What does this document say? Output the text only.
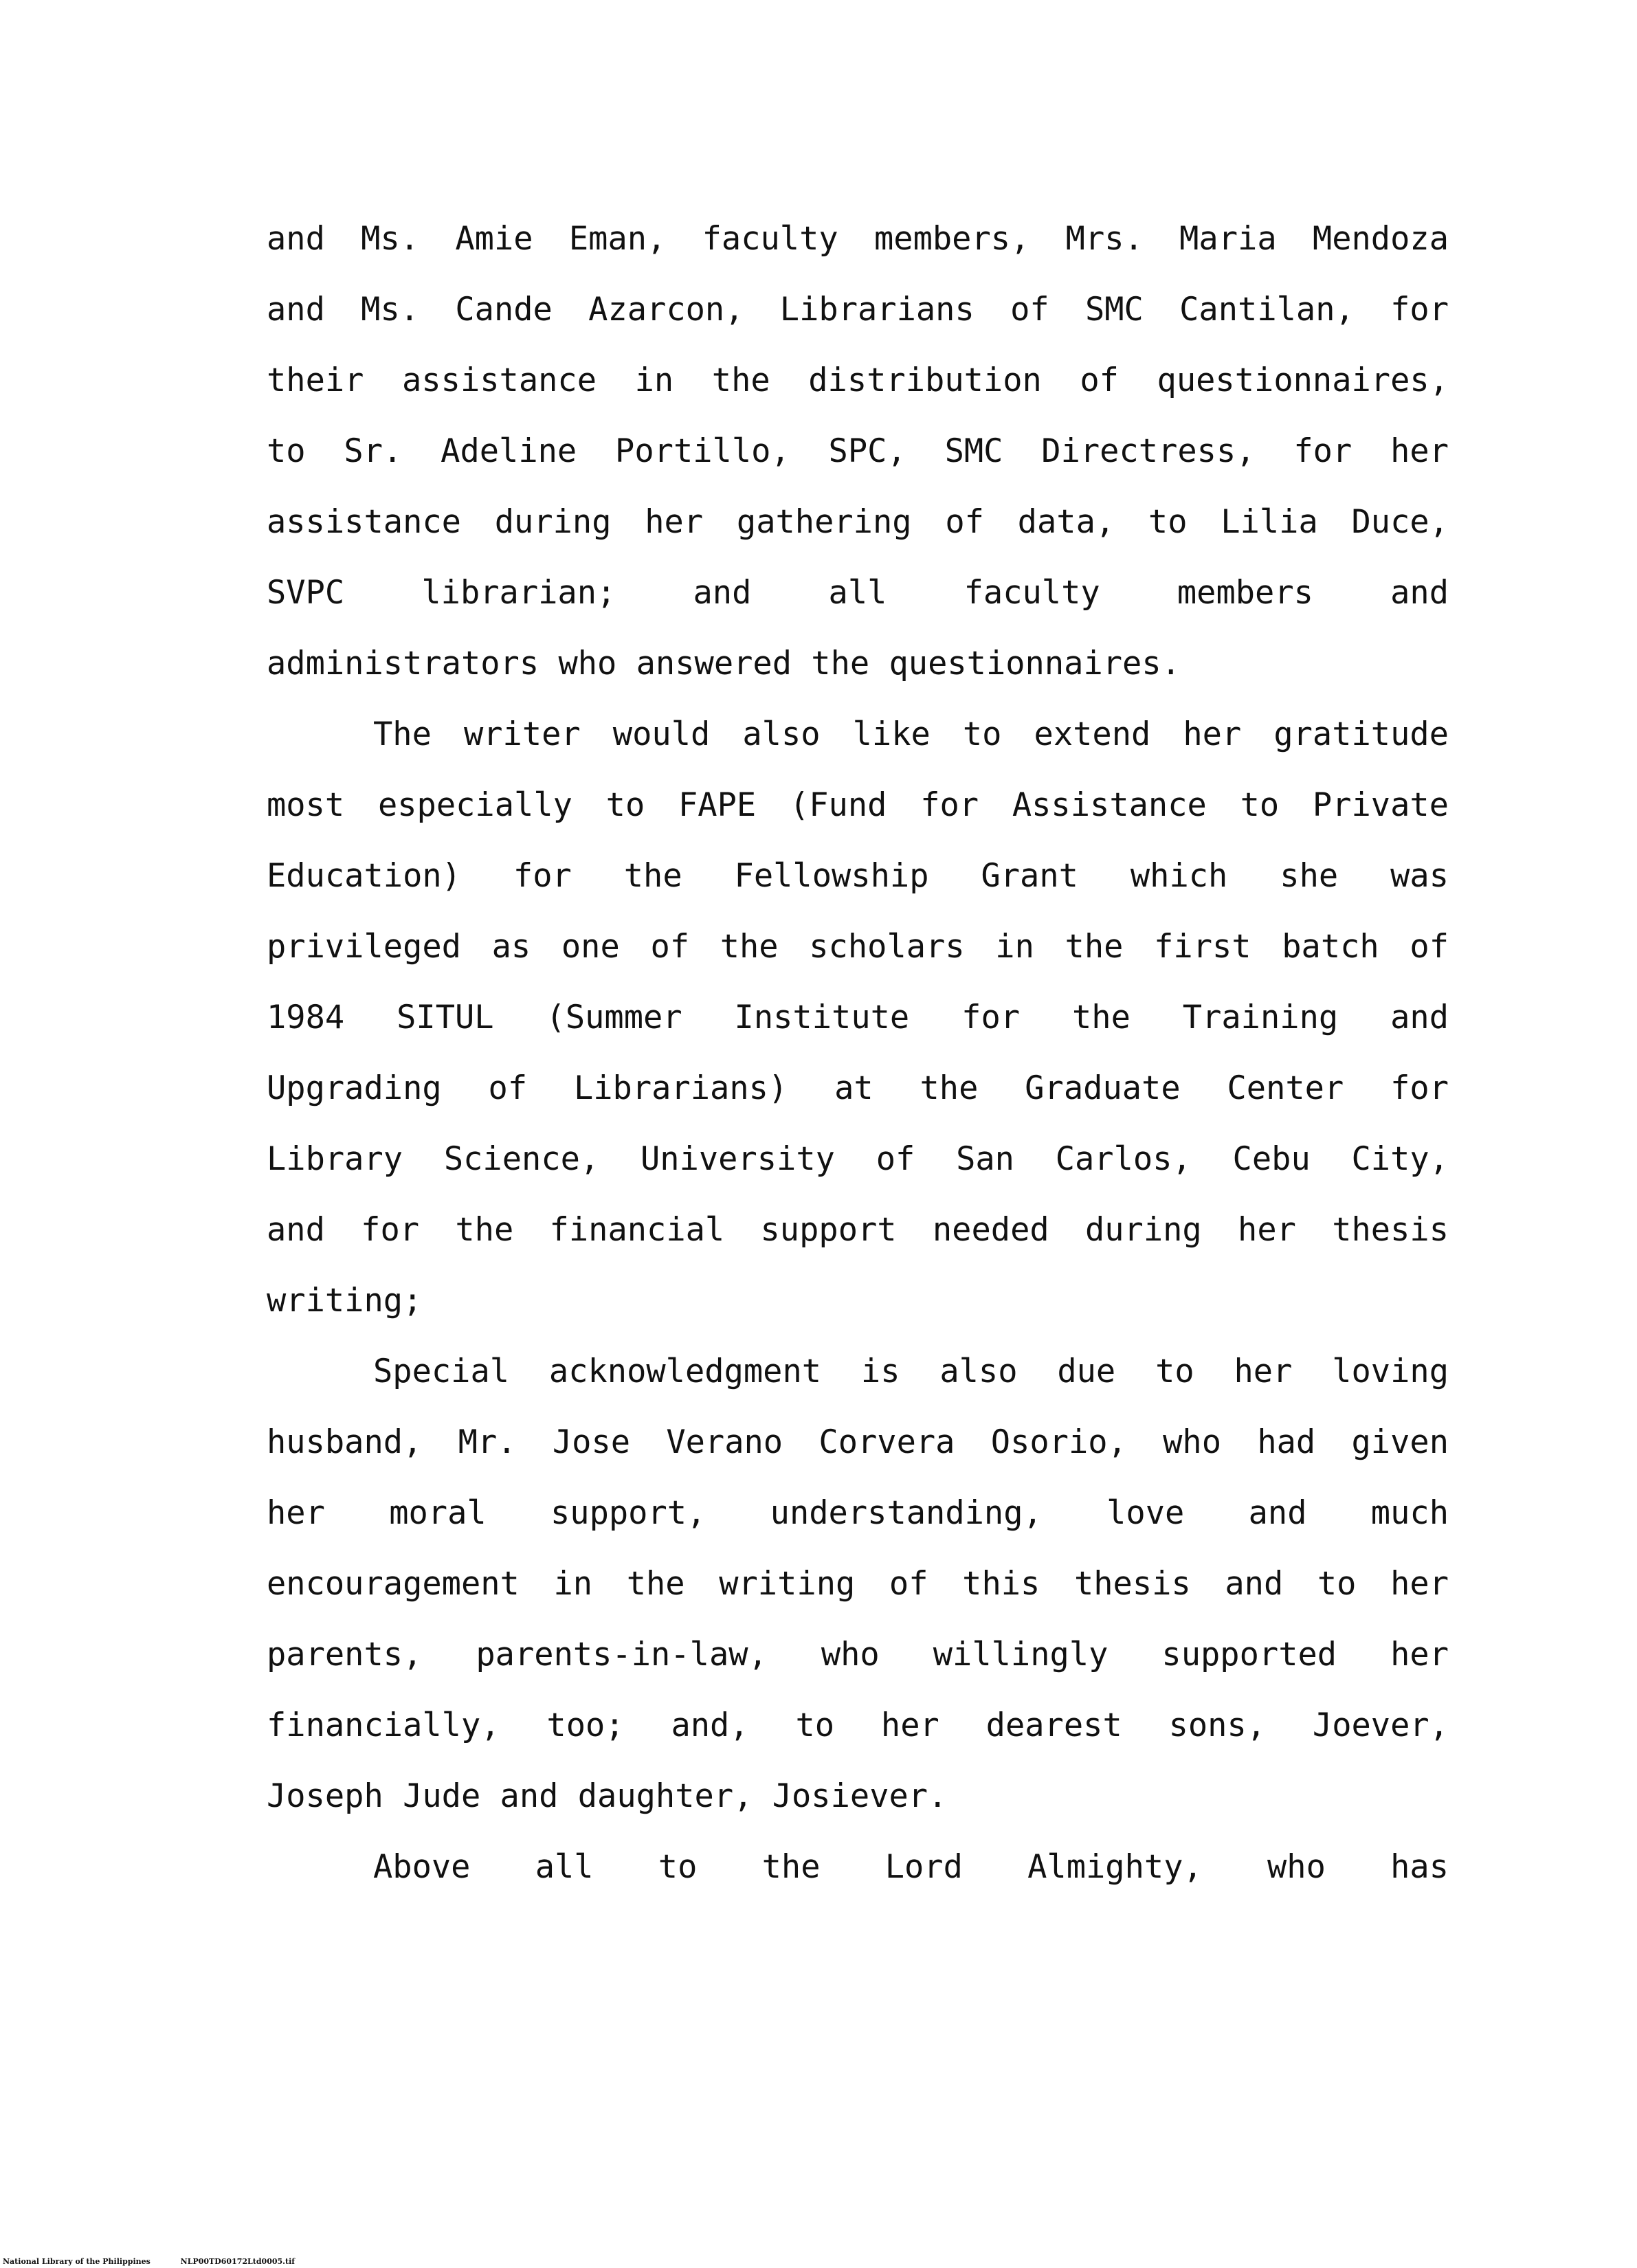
and Ms. Amie Eman, faculty members, Mrs. Maria Mendoza
and Ms. Cande Azarcon, Librarians of SMC Cantilan, for
their assistance in the distribution of questionnaires,
to Sr. Adeline Portillo, SPC, SMC Directress, for her
assistance during her gathering of data, to Lilia Duce,
SVPC librarian; and all faculty members and
administrators who answered the questionnaires.
The writer would also like to extend her gratitude
most especially to FAPE (Fund for Assistance to Private
Education) for the Fellowship Grant which she was
privileged as one of the scholars in the first batch of
1984 SITUL (Summer Institute for the Training and
Upgrading of Librarians) at the Graduate Center for
Library Science, University of San Carlos, Cebu City,
and for the financial support needed during her thesis
writing;
Special acknowledgment is also due to her loving
husband, Mr. Jose Verano Corvera Osorio, who had given
her moral support, understanding, love and much
encouragement in the writing of this thesis and to her
parents, parents-in-law, who willingly supported her
financially, too; and, to her dearest sons, Joever,
Joseph Jude and daughter, Josiever.
Above all to the Lord Almighty, who has
National Library of the Philippines	NLP00TD60172Ltd0005.tif
